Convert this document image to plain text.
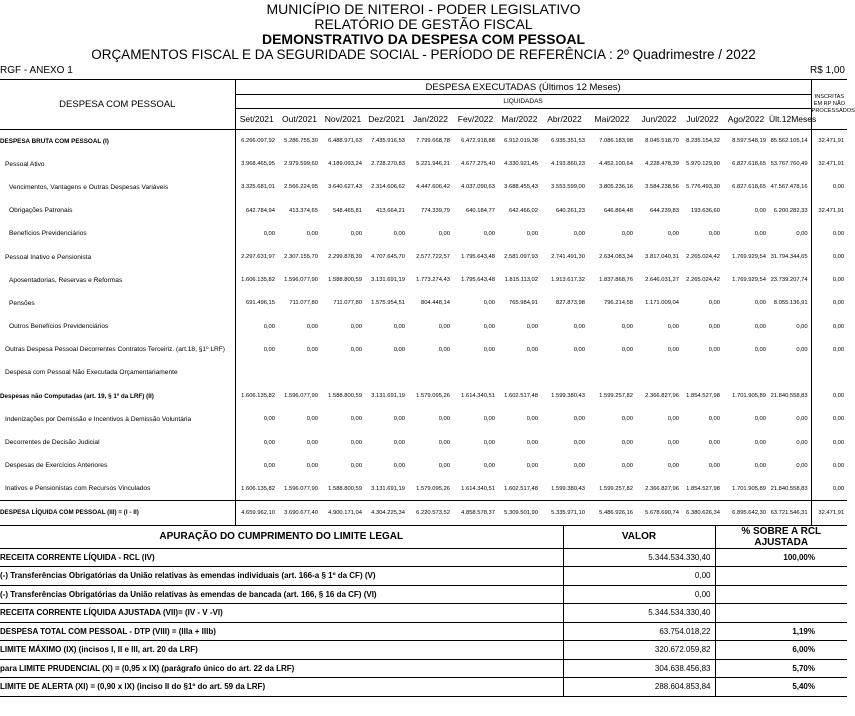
MUNICÍPIO DE NITEROI - PODER LEGISLATIVO
RELATÓRIO DE GESTÃO FISCAL
DEMONSTRATIVO DA DESPESA COM PESSOAL
ORÇAMENTOS FISCAL E DA SEGURIDADE SOCIAL - PERÍODO DE REFERÊNCIA : 2º Quadrimestre / 2022
RGF - ANEXO 1	R$ 1,00
DESPESA COM PESSOAL	DESPESA EXECUTADAS (Últimos 12 Meses)													INSCRITAS EM RP NÃO PROCESSADOS
	LIQUIDADAS													
	Set/2021	Out/2021	Nov/2021	Dez/2021	Jan/2022	Fev/2022	Mar/2022	Abr/2022	Mai/2022	Jun/2022	Jul/2022	Ago/2022	Últ.12Meses	
DESPESA BRUTA COM PESSOAL (I)	6.266.097,92	5.286.755,30	6.488.971,63	7.435.916,53	7.799.668,78	6.472.918,88	6.912.019,38	6.935.351,53	7.086.183,98	8.045.518,70	8.235.154,32	8.597.548,19	85.562.105,14	32.471,91
Pessoal Ativo	3.968.465,95	2.979.599,60	4.189.093,24	2.728.270,83	5.221.946,21	4.677.275,40	4.330.921,45	4.193.860,23	4.452.100,64	4.228.478,39	5.970.129,90	6.827.618,65	53.767.760,49	32.471,91
Vencimentos, Vantagens e Outras Despesas Variáveis	3.325.681,01	2.566.224,95	3.640.627,43	2.314.606,62	4.447.606,42	4.037.090,63	3.688.455,43	3.553.599,00	3.805.236,16	3.584.238,56	5.776.493,30	6.827.618,65	47.567.478,16	0,00
Obrigações Patronais	642.784,94	413.374,65	548.465,81	413.664,21	774.339,79	640.184,77	642.466,02	640.261,23	646.864,48	644.239,83	193.636,60	0,00	6.200.282,33	32.471,91
Benefícios Previdenciários	0,00	0,00	0,00	0,00	0,00	0,00	0,00	0,00	0,00	0,00	0,00	0,00	0,00	0,00
Pessoal Inativo e Pensionista	2.297.631,97	2.307.155,70	2.299.878,39	4.707.645,70	2.577.722,57	1.795.643,48	2.581.097,93	2.741.491,30	2.634.083,34	3.817.040,31	2.265.024,42	1.769.929,54	31.794.344,65	0,00
Aposentadorias, Reservas e Reformas	1.606.135,82	1.596.077,90	1.588.800,59	3.131.691,19	1.773.274,43	1.795.643,48	1.815.113,02	1.913.617,32	1.837.868,76	2.646.031,27	2.265.024,42	1.769.929,54	23.739.207,74	0,00
Pensões	691.496,15	711.077,80	711.077,80	1.575.954,51	804.448,14	0,00	765.984,91	827.873,98	796.214,58	1.171.009,04	0,00	0,00	8.055.136,91	0,00
Outros Benefícios Previdenciários	0,00	0,00	0,00	0,00	0,00	0,00	0,00	0,00	0,00	0,00	0,00	0,00	0,00	0,00
Outras Despesa Pessoal Decorrentes Contratos Terceiriz. (art.18, §1º LRF)	0,00	0,00	0,00	0,00	0,00	0,00	0,00	0,00	0,00	0,00	0,00	0,00	0,00	0,00
Despesa com Pessoal Não Executada Orçamentariamente														
Despesas não Computadas (art. 19, § 1º da LRF) (II)	1.606.135,82	1.596.077,90	1.588.800,59	3.131.691,19	1.579.095,26	1.614.340,51	1.602.517,48	1.599.380,43	1.599.257,82	2.366.827,96	1.854.527,98	1.701.905,89	21.840.558,83	0,00
Indenizações por Demissão e Incentivos à Demissão Voluntária	0,00	0,00	0,00	0,00	0,00	0,00	0,00	0,00	0,00	0,00	0,00	0,00	0,00	0,00
Decorrentes de Decisão Judicial	0,00	0,00	0,00	0,00	0,00	0,00	0,00	0,00	0,00	0,00	0,00	0,00	0,00	0,00
Despesas de Exercícios Anteriores	0,00	0,00	0,00	0,00	0,00	0,00	0,00	0,00	0,00	0,00	0,00	0,00	0,00	0,00
Inativos e Pensionistas com Recursos Vinculados	1.606.135,82	1.596.077,90	1.588.800,59	3.131.691,19	1.579.095,26	1.614.340,51	1.602.517,48	1.599.380,43	1.599.257,82	2.366.827,96	1.854.527,98	1.701.905,89	21.840.558,83	0,00
DESPESA LÍQUIDA COM PESSOAL (III) = (I - II)	4.659.962,10	3.690.677,40	4.900.171,04	4.304.225,34	6.220.573,52	4.858.578,37	5.309.501,90	5.335.971,10	5.486.926,16	5.678.690,74	6.380.626,34	6.895.642,30	63.721.546,31	32.471,91
APURAÇÃO DO CUMPRIMENTO DO LIMITE LEGAL	VALOR	% SOBRE A RCL AJUSTADA
RECEITA CORRENTE LÍQUIDA - RCL (IV)	5.344.534.330,40	100,00%
(-) Transferências Obrigatórias da União relativas às emendas individuais (art. 166-a § 1º da CF) (V)	0,00	
(-) Transferências Obrigatórias da União relativas às emendas de bancada (art. 166, § 16 da CF) (VI)	0,00	
RECEITA CORRENTE LÍQUIDA AJUSTADA (VII)= (IV - V -VI)	5.344.534.330,40	
DESPESA TOTAL COM PESSOAL - DTP (VIII) = (IIIa + IIIb)	63.754.018,22	1,19%
LIMITE MÁXIMO (IX) (incisos I, II e III, art. 20 da LRF)	320.672.059,82	6,00%
para LIMITE PRUDENCIAL (X) = (0,95 x IX) (parágrafo único do art. 22 da LRF)	304.638.456,83	5,70%
LIMITE DE ALERTA (XI) = (0,90 x IX) (inciso II do §1º do art. 59 da LRF)	288.604.853,84	5,40%
